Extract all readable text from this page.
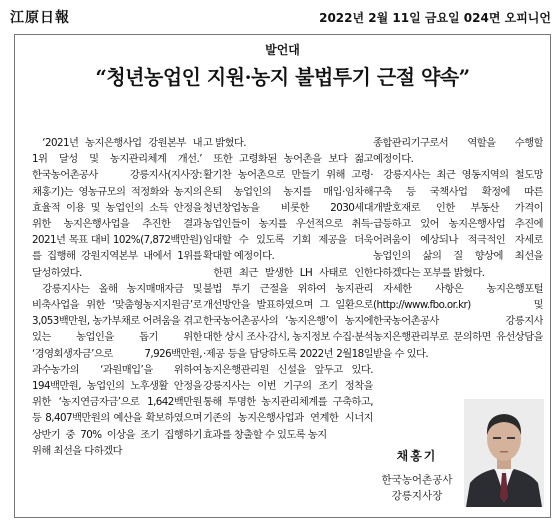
江原日報	2022년 2월 11일 금요일 024면 오피니언
발언대
“청년농업인 지원·농지 불법투기 근절 약속”

‘2021년 농지은행사업 강원본부 내 1위 달성 및 농지관리체계 개선.’ 한국농어촌공사 강릉지사(지사장:채홍기)는 영농규모의 적정화와 농지의 효율적 이용 및 농업인의 소득 안정을 위한 농지은행사업을 추진한 결과 2021년 목표 대비 102%(7,872백만원)를 집행해 강원지역본부 내에서 1위를 달성하였다.

강릉지사는 올해 농지매매자금 및 비축사업을 위한 ‘맞춤형농지지원금’로 3,053백만원, 농가부채로 어려움을 겪고 있는 농업인을 돕기 위한 ‘경영회생자금’으로 7,926백만원, 과수농가의 ‘과원매입’을 위하여 194백만원, 농업인의 노후생활 안정을 위한 ‘농지연금자금’으로 1,642백만원 등 8,407백만원의 예산을 확보하였으며 상반기 중 70% 이상을 조기 집행하기 위해 최선을 다하겠다

고 밝혔다.

또한 고령화된 농어촌을 보다 젊고 활기찬 농어촌으로 만들기 위해 고령·은퇴 농업인의 농지를 매입·임차해 청년창업농을 비롯한 2030세대 농업인들이 농지를 우선적으로 취득·임대할 수 있도록 기회 제공을 더욱 확대할 예정이다.

한편 최근 발생한 LH 사태로 인한 불법 투기 근절을 위하여 농지관리 개선방안을 발표하였으며 그 일환으로 한국농어촌공사의 ‘농지은행’이 농지에 대한 상시 조사·감시, 농지정보 수집·분석·제공 등을 담당하도록 2022년 2월18일 농지은행관리원 신설을 앞두고 있다. 강릉지사는 이번 기구의 조기 정착을 통해 투명한 농지관리체계를 구축하고, 기존의 농지은행사업과 연계한 시너지 효과를 창출할 수 있도록 농지

종합관리기구로서 역할을 수행할 예정이다.

강릉지사는 최근 영동지역의 철도망 구축 등 국책사업 확정에 따른 개발호재로 인한 부동산 가격이 급등하고 있어 농지은행사업 추진에 어려움이 예상되나 적극적인 자세로 농업인의 삶의 질 향상에 최선을 다하겠다는 포부를 밝혔다.

자세한 사항은 농지은행포털(http://www.fbo.or.kr) 및 한국농어촌공사 강릉지사 농지은행관리부로 문의하면 유선상담을 받을 수 있다.

채홍기
한국농어촌공사
강릉지사장
